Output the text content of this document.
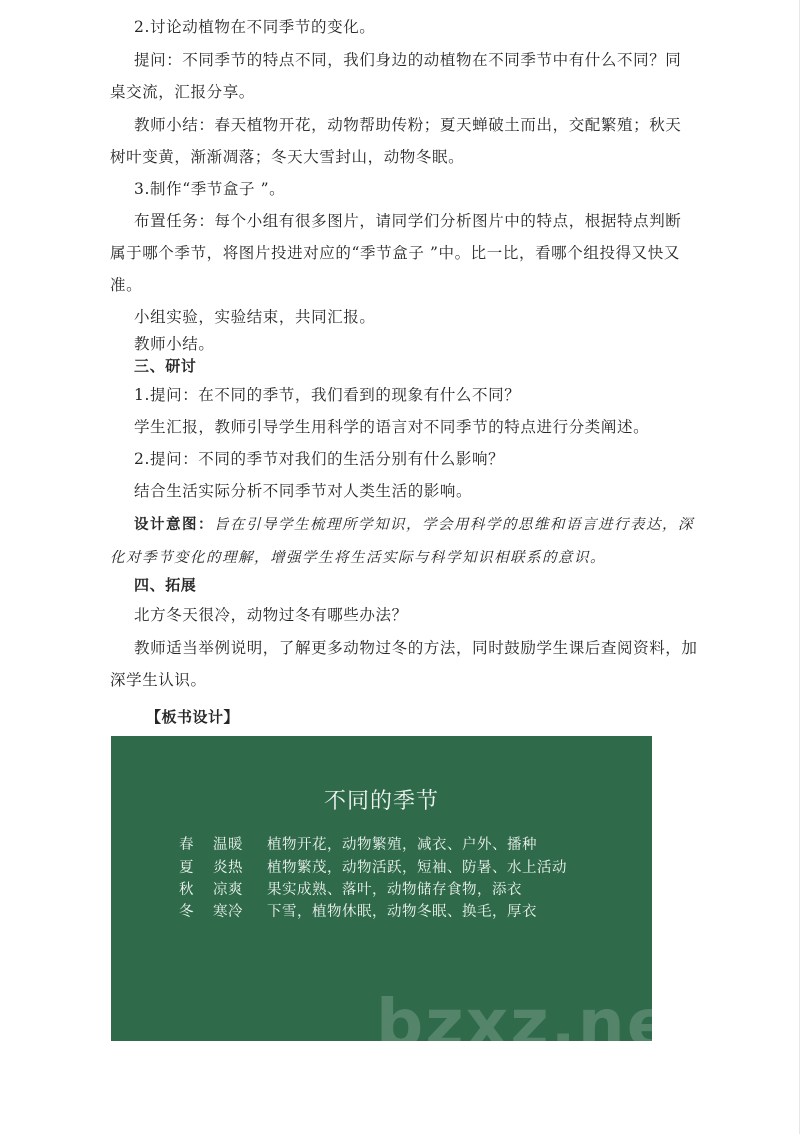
2.讨论动植物在不同季节的变化。
提问：不同季节的特点不同，我们身边的动植物在不同季节中有什么不同？同
桌交流，汇报分享。
教师小结：春天植物开花，动物帮助传粉；夏天蝉破土而出，交配繁殖；秋天
树叶变黄，渐渐凋落；冬天大雪封山，动物冬眠。
3.制作“季节盒子 ”。
布置任务：每个小组有很多图片，请同学们分析图片中的特点，根据特点判断
属于哪个季节，将图片投进对应的“季节盒子 ”中。比一比，看哪个组投得又快又
准。
小组实验，实验结束，共同汇报。
教师小结。
三、研讨
1.提问：在不同的季节，我们看到的现象有什么不同？
学生汇报，教师引导学生用科学的语言对不同季节的特点进行分类阐述。
2.提问：不同的季节对我们的生活分别有什么影响？
结合生活实际分析不同季节对人类生活的影响。
设计意图：旨在引导学生梳理所学知识，学会用科学的思维和语言进行表达，深化对季节变化的理解，增强学生将生活实际与科学知识相联系的意识。
四、拓展
北方冬天很冷，动物过冬有哪些办法？
教师适当举例说明，了解更多动物过冬的方法，同时鼓励学生课后查阅资料，加
深学生认识。
【板书设计】
不同的季节
春 温暖 植物开花，动物繁殖，减衣、户外、播种
夏 炎热 植物繁茂，动物活跃，短袖、防暑、水上活动
秋 凉爽 果实成熟、落叶，动物储存食物，添衣
冬 寒冷 下雪，植物休眠，动物冬眠、换毛，厚衣
